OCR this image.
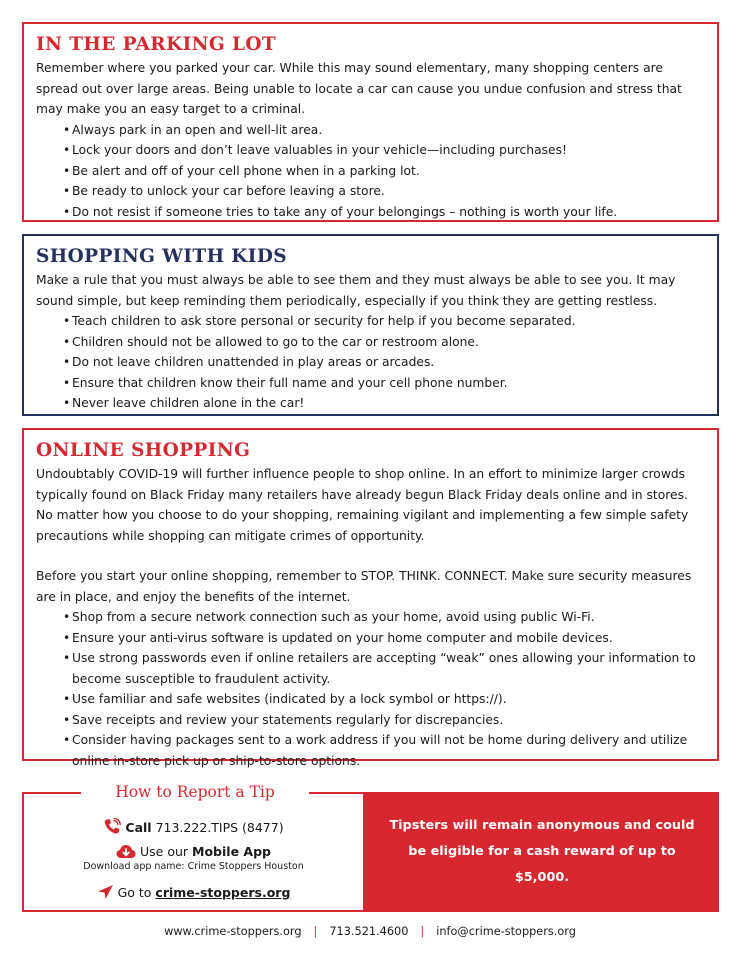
IN THE PARKING LOT

Remember where you parked your car. While this may sound elementary, many shopping centers are spread out over large areas. Being unable to locate a car can cause you undue confusion and stress that may make you an easy target to a criminal.

• Always park in an open and well-lit area.
• Lock your doors and don’t leave valuables in your vehicle—including purchases!
• Be alert and off of your cell phone when in a parking lot.
• Be ready to unlock your car before leaving a store.
• Do not resist if someone tries to take any of your belongings – nothing is worth your life.
SHOPPING WITH KIDS

Make a rule that you must always be able to see them and they must always be able to see you. It may sound simple, but keep reminding them periodically, especially if you think they are getting restless.

• Teach children to ask store personal or security for help if you become separated.
• Children should not be allowed to go to the car or restroom alone.
• Do not leave children unattended in play areas or arcades.
• Ensure that children know their full name and your cell phone number.
• Never leave children alone in the car!
ONLINE SHOPPING

Undoubtably COVID-19 will further influence people to shop online. In an effort to minimize larger crowds typically found on Black Friday many retailers have already begun Black Friday deals online and in stores. No matter how you choose to do your shopping, remaining vigilant and implementing a few simple safety precautions while shopping can mitigate crimes of opportunity.

Before you start your online shopping, remember to STOP. THINK. CONNECT. Make sure security measures are in place, and enjoy the benefits of the internet.

• Shop from a secure network connection such as your home, avoid using public Wi-Fi.
• Ensure your anti-virus software is updated on your home computer and mobile devices.
• Use strong passwords even if online retailers are accepting “weak” ones allowing your information to become susceptible to fraudulent activity.
• Use familiar and safe websites (indicated by a lock symbol or https://).
• Save receipts and review your statements regularly for discrepancies.
• Consider having packages sent to a work address if you will not be home during delivery and utilize online in-store pick up or ship-to-store options.
How to Report a Tip
Call 713.222.TIPS (8477)
Use our Mobile App
Download app name: Crime Stoppers Houston
Go to crime-stoppers.org

Tipsters will remain anonymous and could be eligible for a cash reward of up to $5,000.

www.crime-stoppers.org | 713.521.4600 | info@crime-stoppers.org
